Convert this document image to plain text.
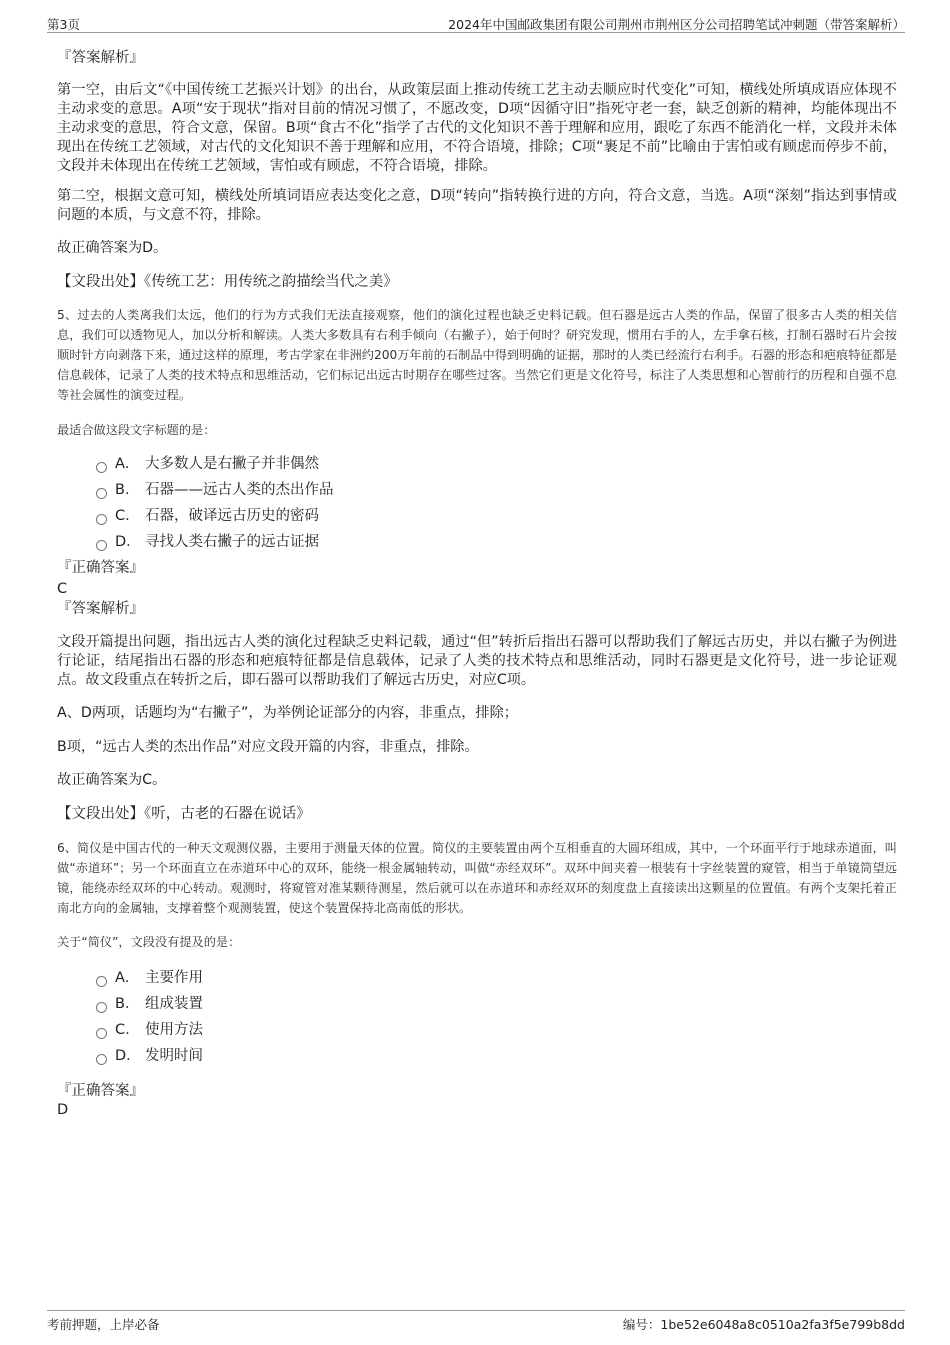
第3页	2024年中国邮政集团有限公司荆州市荆州区分公司招聘笔试冲刺题（带答案解析）

『答案解析』

第一空，由后文“《中国传统工艺振兴计划》的出台，从政策层面上推动传统工艺主动去顺应时代变化”可知，横线处所填成语应体现不主动求变的意思。A项“安于现状”指对目前的情况习惯了，不愿改变，D项“因循守旧”指死守老一套，缺乏创新的精神，均能体现出不主动求变的意思，符合文意，保留。B项“食古不化”指学了古代的文化知识不善于理解和应用，跟吃了东西不能消化一样，文段并未体现出在传统工艺领域，对古代的文化知识不善于理解和应用，不符合语境，排除；C项“裹足不前”比喻由于害怕或有顾虑而停步不前，文段并未体现出在传统工艺领域，害怕或有顾虑，不符合语境，排除。

第二空，根据文意可知，横线处所填词语应表达变化之意，D项“转向”指转换行进的方向，符合文意，当选。A项“深刻”指达到事情或问题的本质，与文意不符，排除。

故正确答案为D。

【文段出处】《传统工艺：用传统之韵描绘当代之美》

5、过去的人类离我们太远，他们的行为方式我们无法直接观察，他们的演化过程也缺乏史料记载。但石器是远古人类的作品，保留了很多古人类的相关信息，我们可以透物见人，加以分析和解读。人类大多数具有右利手倾向（右撇子），始于何时？研究发现，惯用右手的人，左手拿石核，打制石器时石片会按顺时针方向剥落下来，通过这样的原理，考古学家在非洲约200万年前的石制品中得到明确的证据，那时的人类已经流行右利手。石器的形态和疤痕特征都是信息载体，记录了人类的技术特点和思维活动，它们标记出远古时期存在哪些过客。当然它们更是文化符号，标注了人类思想和心智前行的历程和自强不息等社会属性的演变过程。

最适合做这段文字标题的是：

A． 大多数人是右撇子并非偶然
B． 石器——远古人类的杰出作品
C． 石器，破译远古历史的密码
D． 寻找人类右撇子的远古证据

『正确答案』

C

『答案解析』

文段开篇提出问题，指出远古人类的演化过程缺乏史料记载，通过“但”转折后指出石器可以帮助我们了解远古历史，并以右撇子为例进行论证，结尾指出石器的形态和疤痕特征都是信息载体，记录了人类的技术特点和思维活动，同时石器更是文化符号，进一步论证观点。故文段重点在转折之后，即石器可以帮助我们了解远古历史，对应C项。

A、D两项，话题均为“右撇子”，为举例论证部分的内容，非重点，排除；

B项，“远古人类的杰出作品”对应文段开篇的内容，非重点，排除。

故正确答案为C。

【文段出处】《听，古老的石器在说话》

6、简仪是中国古代的一种天文观测仪器，主要用于测量天体的位置。简仪的主要装置由两个互相垂直的大圆环组成，其中，一个环面平行于地球赤道面，叫做“赤道环”；另一个环面直立在赤道环中心的双环，能绕一根金属轴转动，叫做“赤经双环”。双环中间夹着一根装有十字丝装置的窥管，相当于单镜筒望远镜，能绕赤经双环的中心转动。观测时，将窥管对准某颗待测星，然后就可以在赤道环和赤经双环的刻度盘上直接读出这颗星的位置值。有两个支架托着正南北方向的金属轴，支撑着整个观测装置，使这个装置保持北高南低的形状。

关于“简仪”，文段没有提及的是：

A． 主要作用
B． 组成装置
C． 使用方法
D． 发明时间

『正确答案』

D

考前押题，上岸必备	编号：1be52e6048a8c0510a2fa3f5e799b8dd
